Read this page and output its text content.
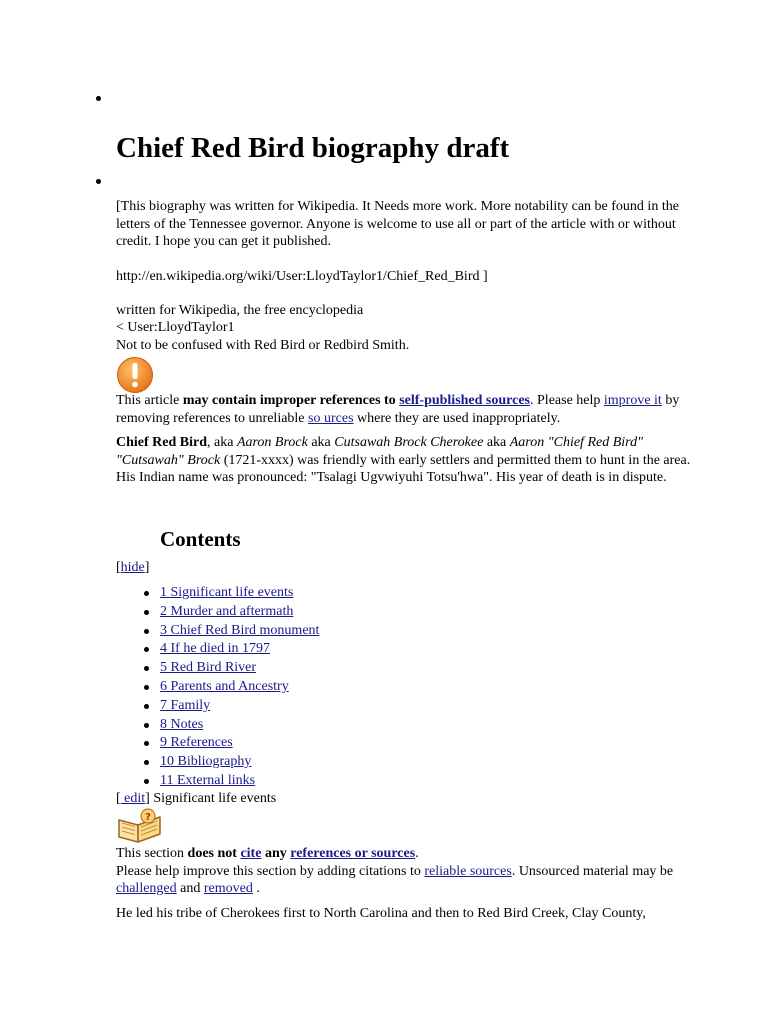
Chief Red Bird biography draft

[This biography was written for Wikipedia. It Needs more work. More notability can be found in the letters of the Tennessee governor. Anyone is welcome to use all or part of the article with or without credit. I hope you can get it published.

http://en.wikipedia.org/wiki/User:LloydTaylor1/Chief_Red_Bird ]

written for Wikipedia, the free encyclopedia

< User:LloydTaylor1

Not to be confused with Red Bird or Redbird Smith.

This article may contain improper references to self-published sources. Please help improve it by removing references to unreliable so urces where they are used inappropriately.

Chief Red Bird, aka Aaron Brock aka Cutsawah Brock Cherokee aka Aaron "Chief Red Bird" "Cutsawah" Brock (1721-xxxx) was friendly with early settlers and permitted them to hunt in the area. His Indian name was pronounced: "Tsalagi Ugvwiyuhi Totsu'hwa". His year of death is in dispute.

Contents
[hide]
1 Significant life events
2 Murder and aftermath
3 Chief Red Bird monument
4 If he died in 1797
5 Red Bird River
6 Parents and Ancestry
7 Family
8 Notes
9 References
10 Bibliography
11 External links
[ edit] Significant life events
?

This section does not cite any references or sources.
Please help improve this section by adding citations to reliable sources. Unsourced material may be challenged and removed .

He led his tribe of Cherokees first to North Carolina and then to Red Bird Creek, Clay County,
